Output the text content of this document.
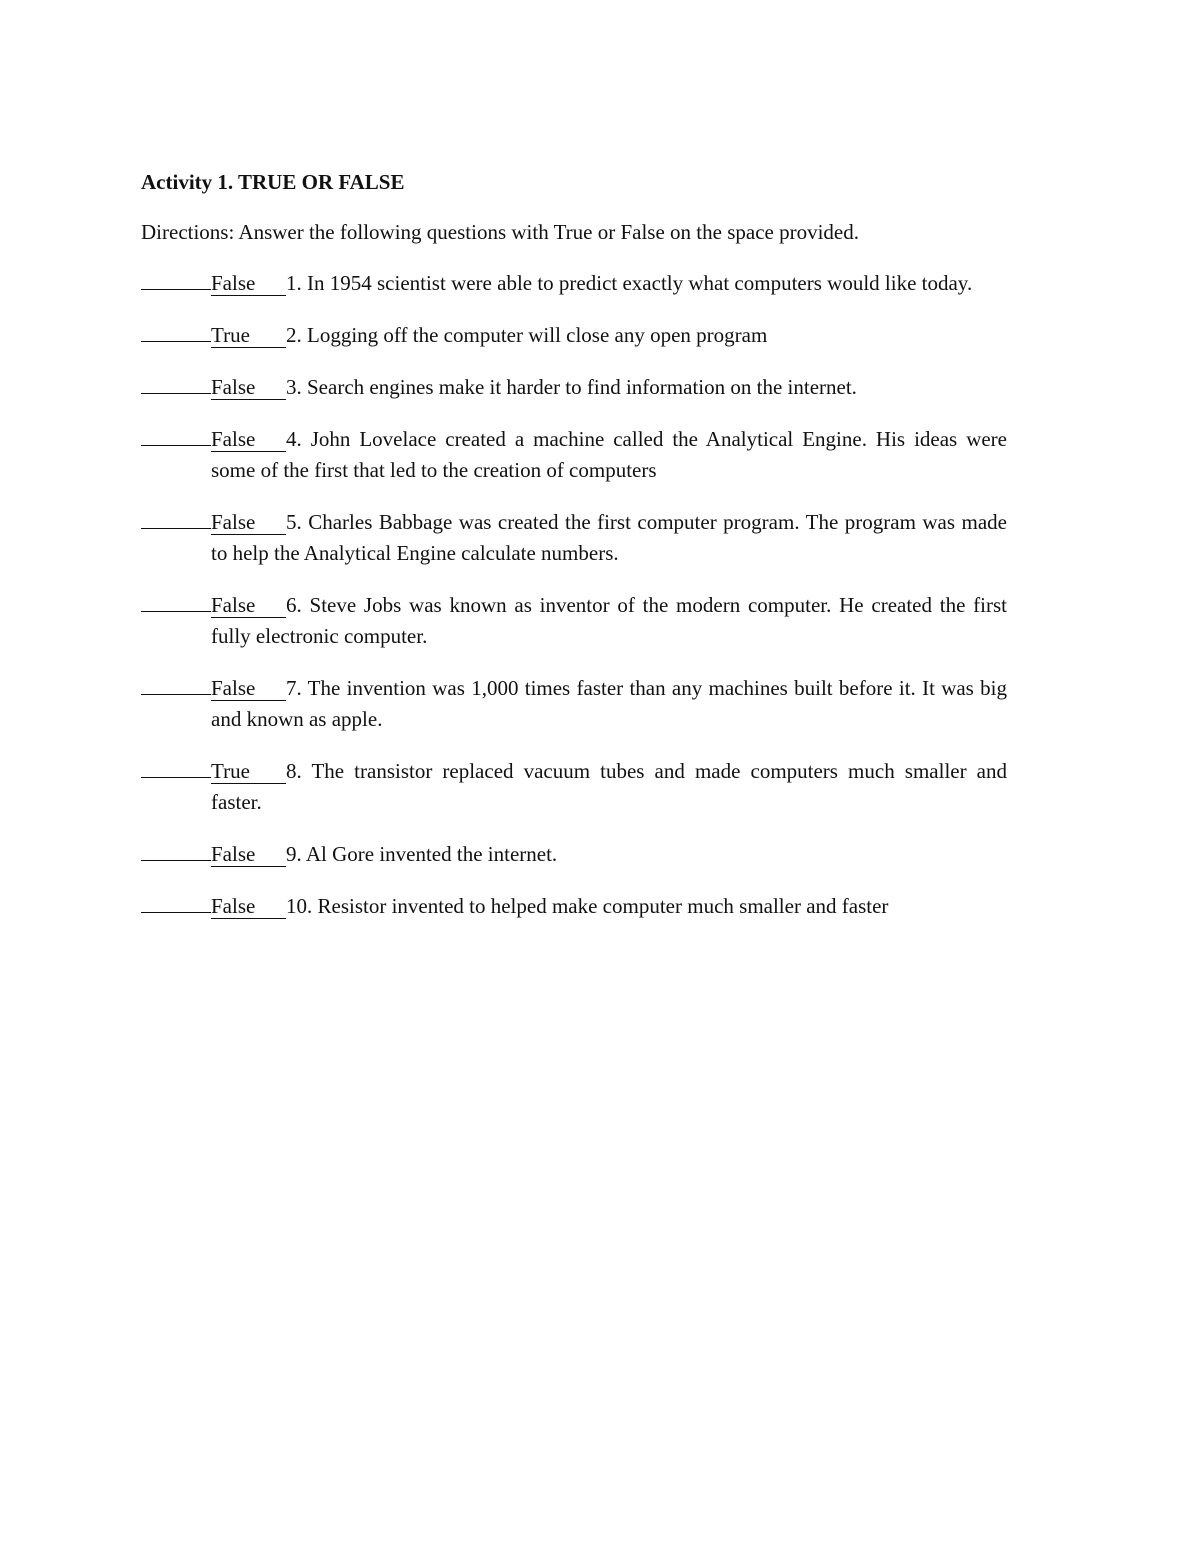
Activity 1. TRUE OR FALSE
Directions: Answer the following questions with True or False on the space provided.
False 1. In 1954 scientist were able to predict exactly what computers would like today.
True 2. Logging off the computer will close any open program
False 3. Search engines make it harder to find information on the internet.
False 4. John Lovelace created a machine called the Analytical Engine. His ideas were some of the first that led to the creation of computers
False 5. Charles Babbage was created the first computer program. The program was made to help the Analytical Engine calculate numbers.
False 6. Steve Jobs was known as inventor of the modern computer. He created the first fully electronic computer.
False 7. The invention was 1,000 times faster than any machines built before it. It was big and known as apple.
True 8. The transistor replaced vacuum tubes and made computers much smaller and faster.
False 9. Al Gore invented the internet.
False 10. Resistor invented to helped make computer much smaller and faster
